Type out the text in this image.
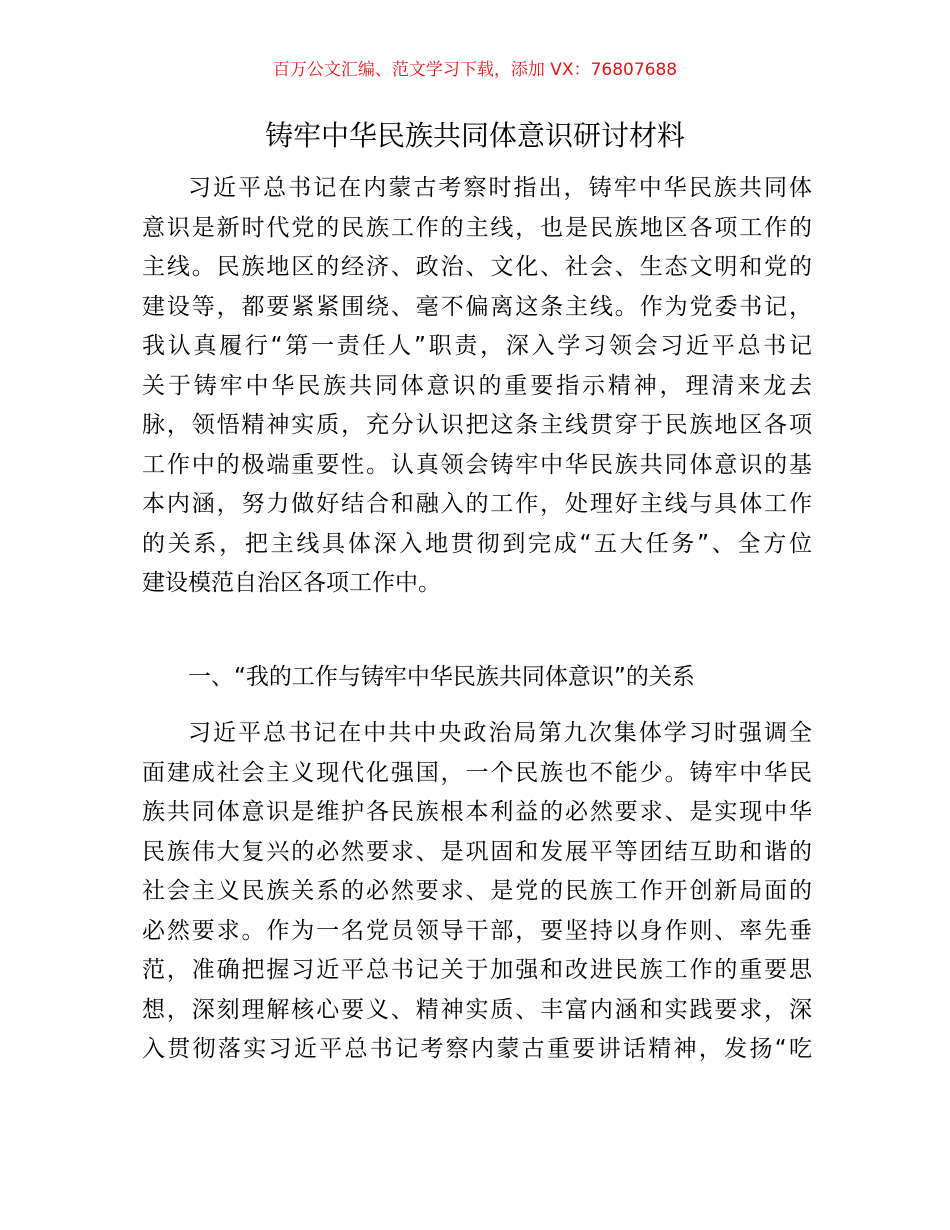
百万公文汇编、范文学习下载，添加 VX：76807688
铸牢中华民族共同体意识研讨材料
习近平总书记在内蒙古考察时指出，铸牢中华民族共同体
意识是新时代党的民族工作的主线，也是民族地区各项工作的
主线。民族地区的经济、政治、文化、社会、生态文明和党的
建设等，都要紧紧围绕、毫不偏离这条主线。作为党委书记，
我认真履行“第一责任人”职责，深入学习领会习近平总书记
关于铸牢中华民族共同体意识的重要指示精神，理清来龙去
脉，领悟精神实质，充分认识把这条主线贯穿于民族地区各项
工作中的极端重要性。认真领会铸牢中华民族共同体意识的基
本内涵，努力做好结合和融入的工作，处理好主线与具体工作
的关系，把主线具体深入地贯彻到完成“五大任务”、全方位
建设模范自治区各项工作中。
一、“我的工作与铸牢中华民族共同体意识”的关系
习近平总书记在中共中央政治局第九次集体学习时强调全
面建成社会主义现代化强国，一个民族也不能少。铸牢中华民
族共同体意识是维护各民族根本利益的必然要求、是实现中华
民族伟大复兴的必然要求、是巩固和发展平等团结互助和谐的
社会主义民族关系的必然要求、是党的民族工作开创新局面的
必然要求。作为一名党员领导干部，要坚持以身作则、率先垂
范，准确把握习近平总书记关于加强和改进民族工作的重要思
想，深刻理解核心要义、精神实质、丰富内涵和实践要求，深
入贯彻落实习近平总书记考察内蒙古重要讲话精神，发扬“吃
